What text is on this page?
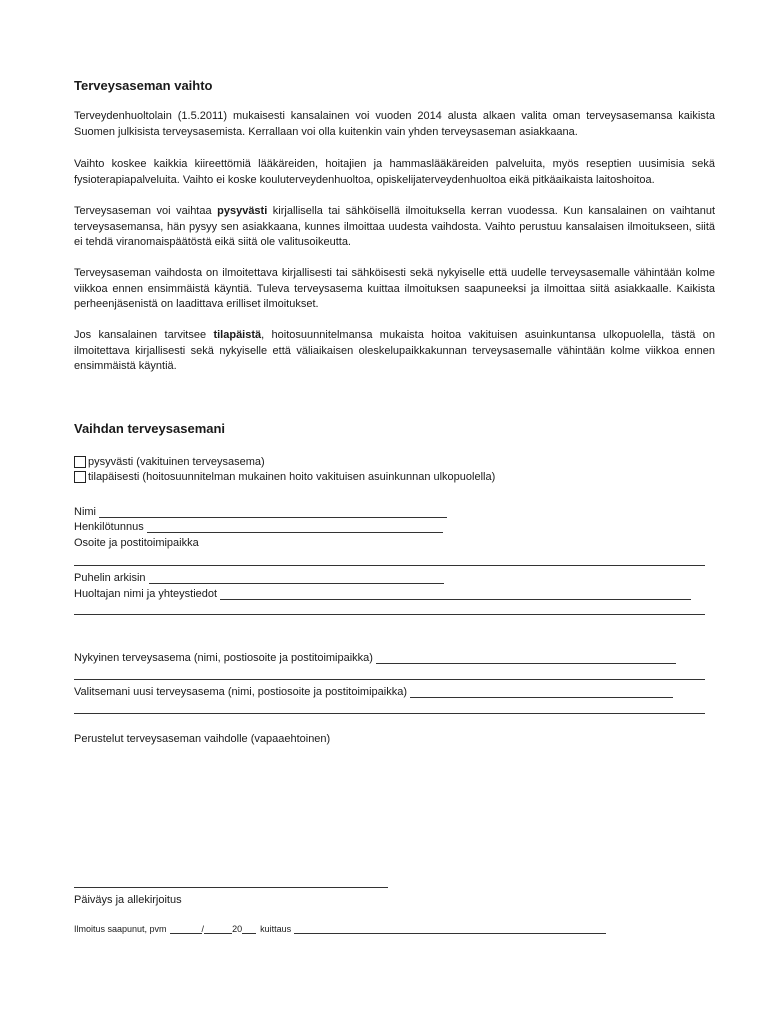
Terveysaseman vaihto

Terveydenhuoltolain (1.5.2011) mukaisesti kansalainen voi vuoden 2014 alusta alkaen valita oman terveysasemansa kaikista Suomen julkisista terveysasemista. Kerrallaan voi olla kuitenkin vain yhden terveysaseman asiakkaana.

Vaihto koskee kaikkia kiireettömiä lääkäreiden, hoitajien ja hammaslääkäreiden palveluita, myös reseptien uusimisia sekä fysioterapiapalveluita. Vaihto ei koske kouluterveydenhuoltoa, opiskelijaterveydenhuoltoa eikä pitkäaikaista laitoshoitoa.

Terveysaseman voi vaihtaa pysyvästi kirjallisella tai sähköisellä ilmoituksella kerran vuodessa. Kun kansalainen on vaihtanut terveysasemansa, hän pysyy sen asiakkaana, kunnes ilmoittaa uudesta vaihdosta. Vaihto perustuu kansalaisen ilmoitukseen, siitä ei tehdä viranomaispäätöstä eikä siitä ole valitusoikeutta.

Terveysaseman vaihdosta on ilmoitettava kirjallisesti tai sähköisesti sekä nykyiselle että uudelle terveysasemalle vähintään kolme viikkoa ennen ensimmäistä käyntiä. Tuleva terveysasema kuittaa ilmoituksen saapuneeksi ja ilmoittaa siitä asiakkaalle. Kaikista perheenjäsenistä on laadittava erilliset ilmoitukset.

Jos kansalainen tarvitsee tilapäistä, hoitosuunnitelmansa mukaista hoitoa vakituisen asuinkuntansa ulkopuolella, tästä on ilmoitettava kirjallisesti sekä nykyiselle että väliaikaisen oleskelupaikkakunnan terveysasemalle vähintään kolme viikkoa ennen ensimmäistä käyntiä.

Vaihdan terveysasemani
pysyvästi (vakituinen terveysasema)
tilapäisesti (hoitosuunnitelman mukainen hoito vakituisen asuinkunnan ulkopuolella)
Nimi
Henkilötunnus
Osoite ja postitoimipaikka
Puhelin arkisin
Huoltajan nimi ja yhteystiedot
Nykyinen terveysasema (nimi, postiosoite ja postitoimipaikka)
Valitsemani uusi terveysasema (nimi, postiosoite ja postitoimipaikka)
Perustelut terveysaseman vaihdolle (vapaaehtoinen)
Päiväys ja allekirjoitus
Ilmoitus saapunut, pvm	/	20 kuittaus
